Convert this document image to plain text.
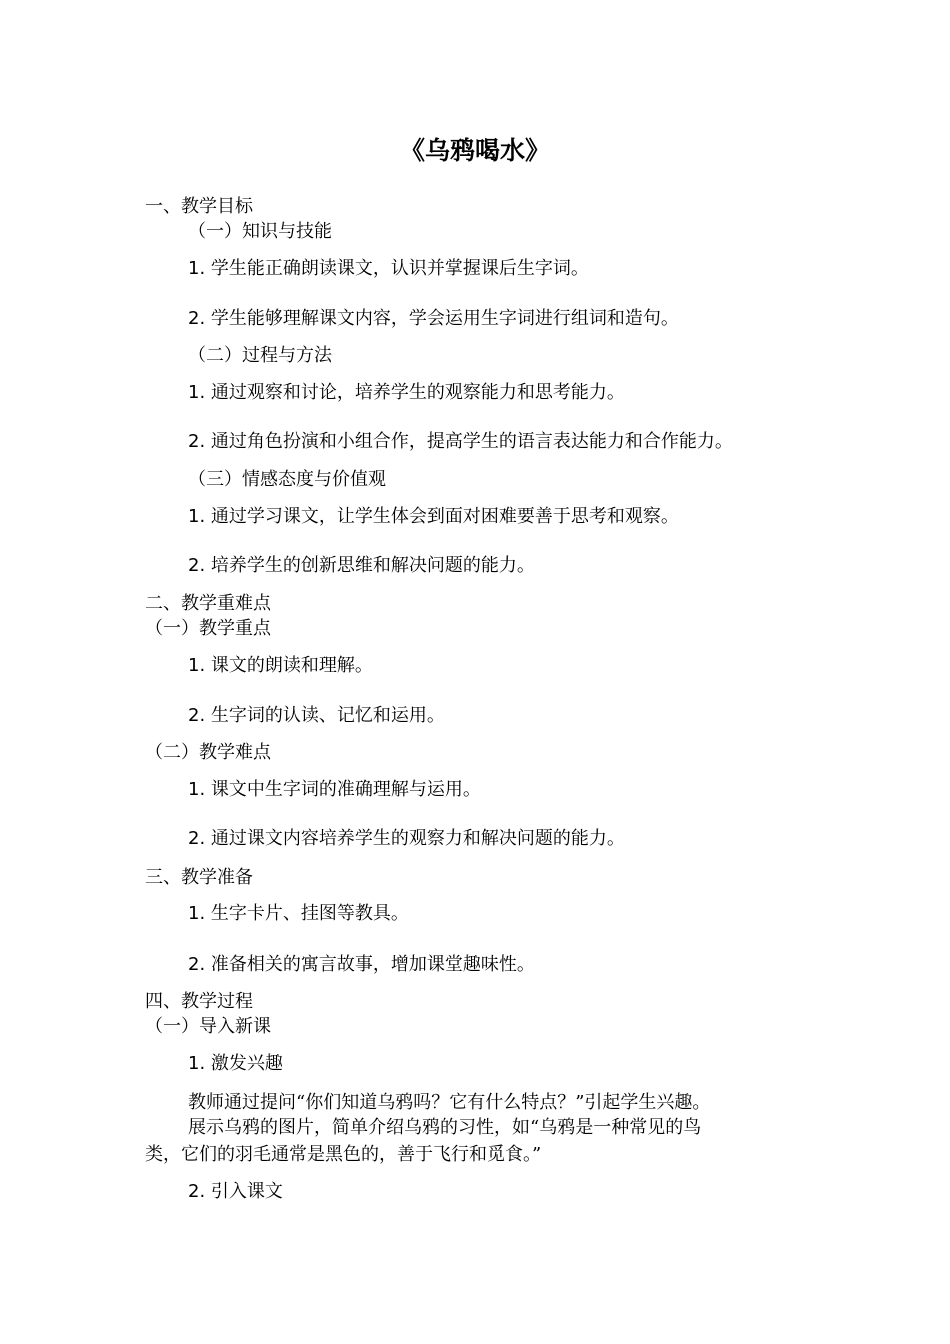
《乌鸦喝水》
一、教学目标
（一）知识与技能
1. 学生能正确朗读课文，认识并掌握课后生字词。
2. 学生能够理解课文内容，学会运用生字词进行组词和造句。
（二）过程与方法
1. 通过观察和讨论，培养学生的观察能力和思考能力。
2. 通过角色扮演和小组合作，提高学生的语言表达能力和合作能力。
（三）情感态度与价值观
1. 通过学习课文，让学生体会到面对困难要善于思考和观察。
2. 培养学生的创新思维和解决问题的能力。
二、教学重难点
（一）教学重点
1. 课文的朗读和理解。
2. 生字词的认读、记忆和运用。
（二）教学难点
1. 课文中生字词的准确理解与运用。
2. 通过课文内容培养学生的观察力和解决问题的能力。
三、教学准备
1. 生字卡片、挂图等教具。
2. 准备相关的寓言故事，增加课堂趣味性。
四、教学过程
（一）导入新课
1. 激发兴趣
教师通过提问“你们知道乌鸦吗？它有什么特点？”引起学生兴趣。
展示乌鸦的图片，简单介绍乌鸦的习性，如“乌鸦是一种常见的鸟
类，它们的羽毛通常是黑色的，善于飞行和觅食。”
2. 引入课文
